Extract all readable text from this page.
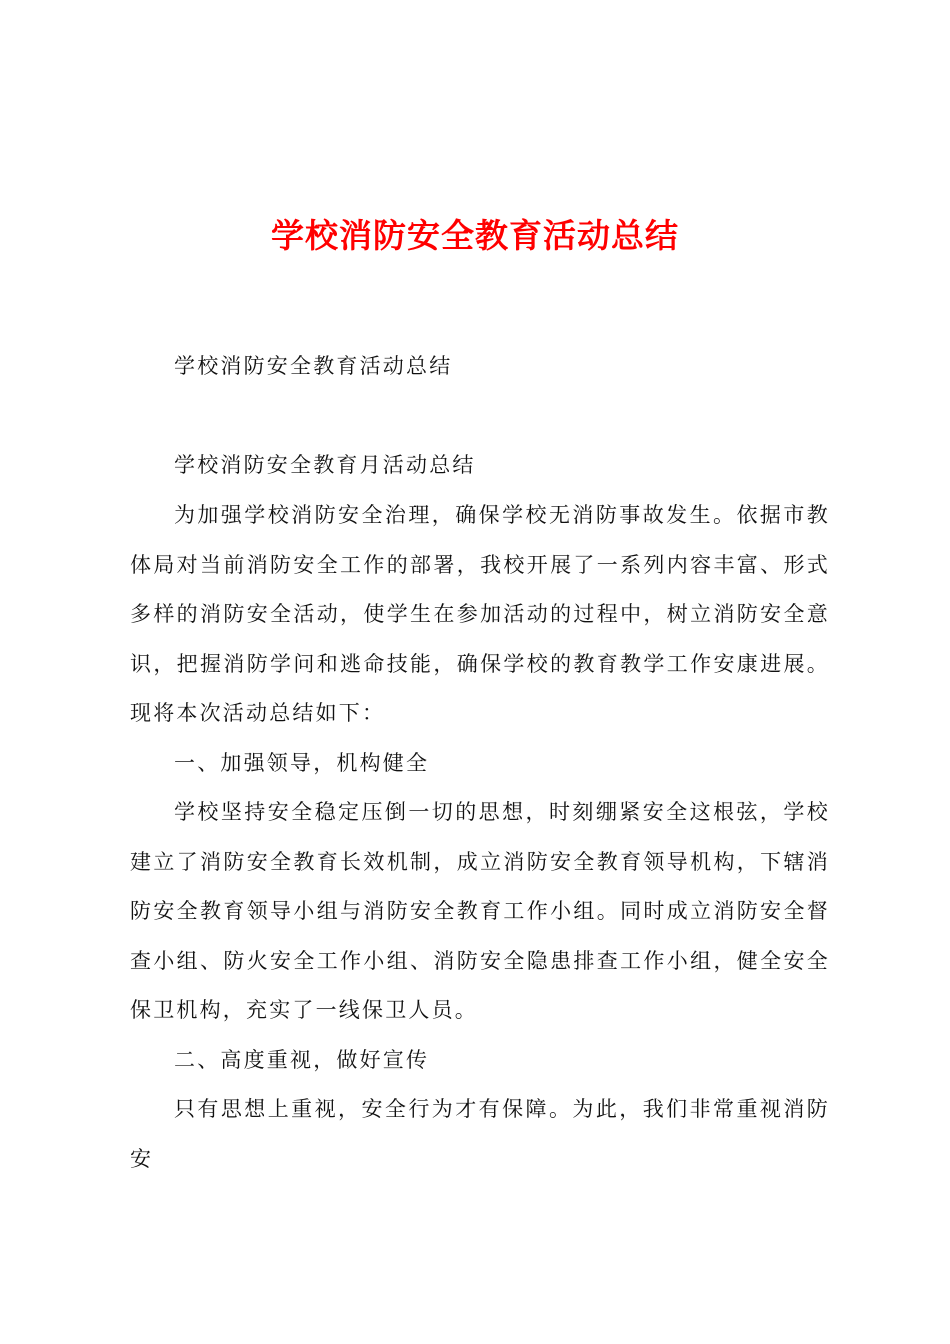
学校消防安全教育活动总结
学校消防安全教育活动总结
学校消防安全教育月活动总结

为加强学校消防安全治理，确保学校无消防事故发生。依据市教体局对当前消防安全工作的部署，我校开展了一系列内容丰富、形式多样的消防安全活动，使学生在参加活动的过程中，树立消防安全意识，把握消防学问和逃命技能，确保学校的教育教学工作安康进展。现将本次活动总结如下：

一、加强领导，机构健全

学校坚持安全稳定压倒一切的思想，时刻绷紧安全这根弦，学校建立了消防安全教育长效机制，成立消防安全教育领导机构，下辖消防安全教育领导小组与消防安全教育工作小组。同时成立消防安全督查小组、防火安全工作小组、消防安全隐患排查工作小组，健全安全保卫机构，充实了一线保卫人员。

二、高度重视，做好宣传

只有思想上重视，安全行为才有保障。为此，我们非常重视消防安
